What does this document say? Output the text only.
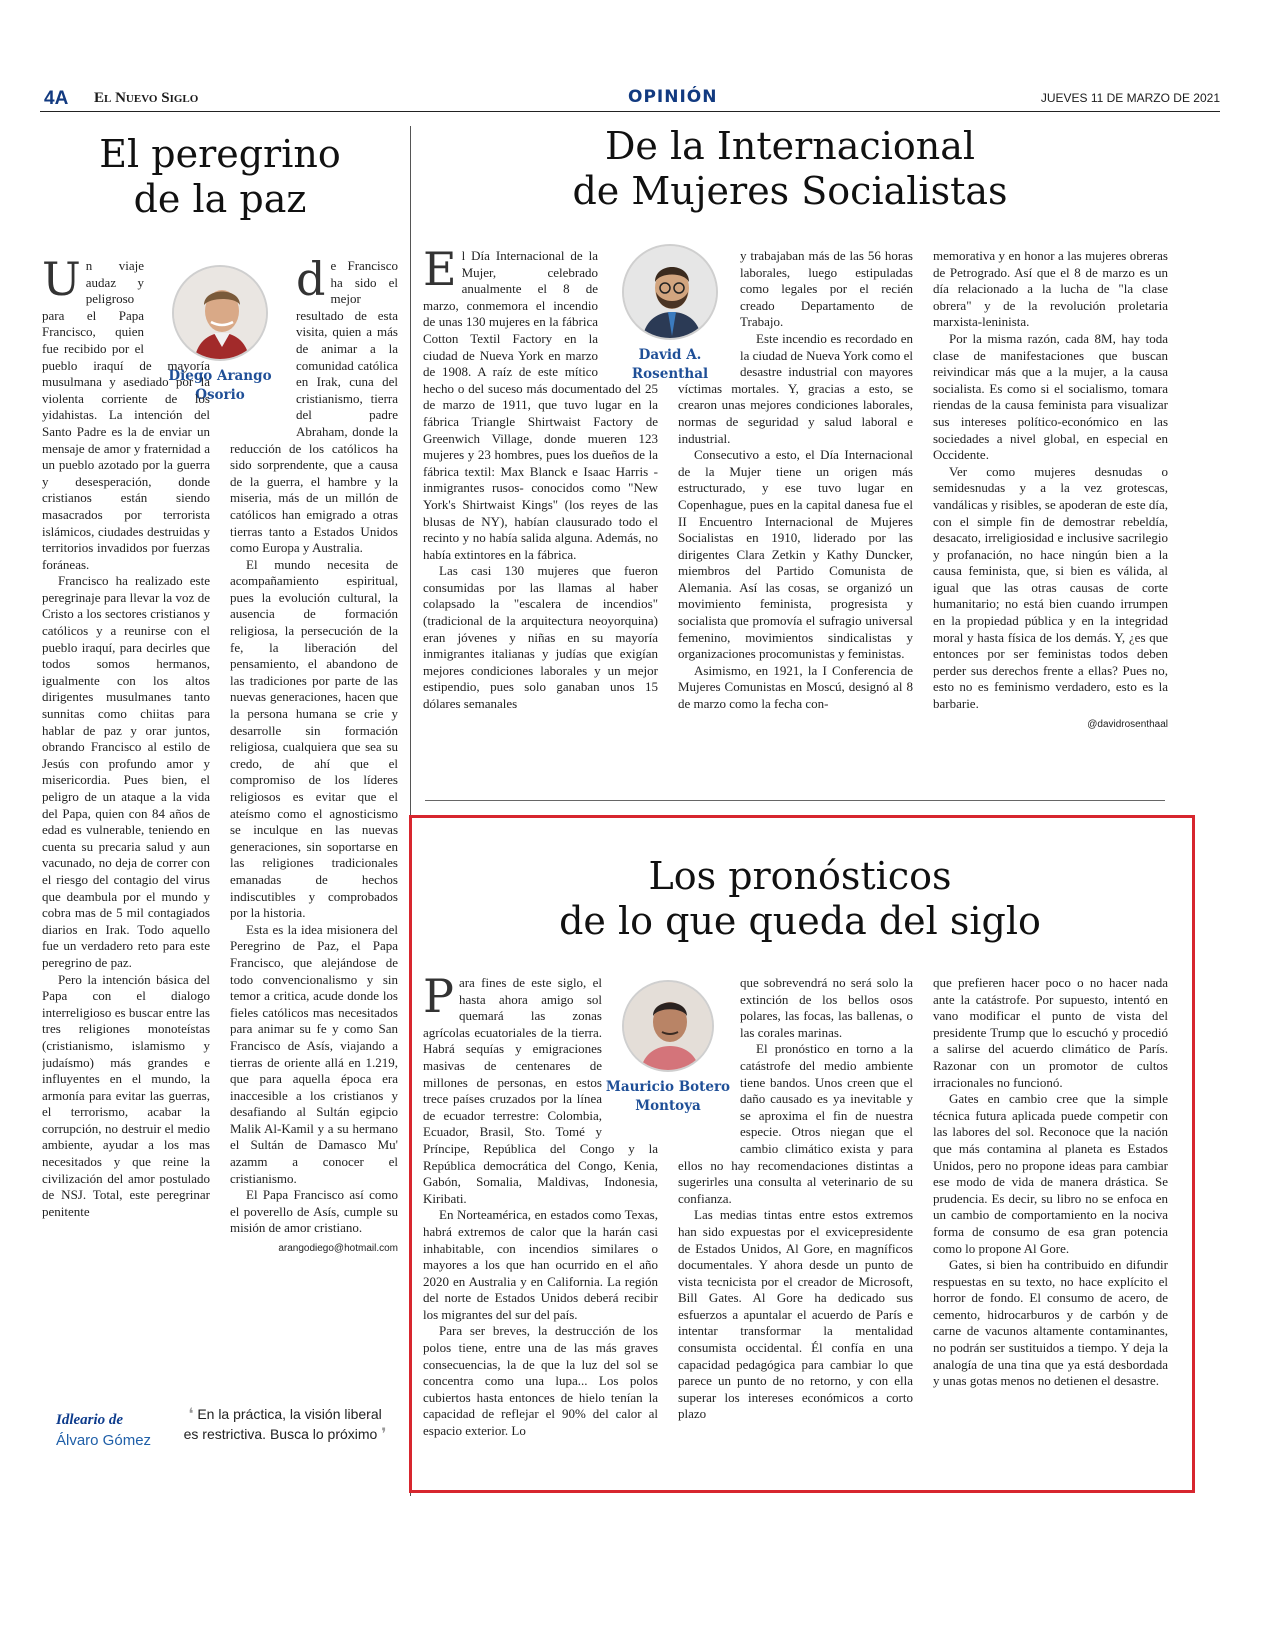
4A El Nuevo Siglo	OPINIÓN	JUEVES 11 DE MARZO DE 2021
El peregrino
de la paz
Diego Arango
Osorio

Un viaje audaz y peligroso para el Papa Francisco, quien fue recibido por el pueblo iraquí de mayoría musulmana y asediado por la violenta corriente de los yidahistas. La intención del Santo Padre es la de enviar un mensaje de amor y fraternidad a un pueblo azotado por la guerra y desesperación, donde cristianos están siendo masacrados por terrorista islámicos, ciudades destruidas y territorios invadidos por fuerzas foráneas.

Francisco ha realizado este peregrinaje para llevar la voz de Cristo a los sectores cristianos y católicos y a reunirse con el pueblo iraquí, para decirles que todos somos hermanos, igualmente con los altos dirigentes musulmanes tanto sunnitas como chiitas para hablar de paz y orar juntos, obrando Francisco al estilo de Jesús con profundo amor y misericordia. Pues bien, el peligro de un ataque a la vida del Papa, quien con 84 años de edad es vulnerable, teniendo en cuenta su precaria salud y aun vacunado, no deja de correr con el riesgo del contagio del virus que deambula por el mundo y cobra mas de 5 mil contagiados diarios en Irak. Todo aquello fue un verdadero reto para este peregrino de paz.

Pero la intención básica del Papa con el dialogo interreligioso es buscar entre las tres religiones monoteístas (cristianismo, islamismo y judaísmo) más grandes e influyentes en el mundo, la armonía para evitar las guerras, el terrorismo, acabar la corrupción, no destruir el medio ambiente, ayudar a los mas necesitados y que reine la civilización del amor postulado de NSJ. Total, este peregrinar penitente

de Francisco ha sido el mejor resultado de esta visita, quien a más de animar a la comunidad católica en Irak, cuna del cristianismo, tierra del padre Abraham, donde la reducción de los católicos ha sido sorprendente, que a causa de la guerra, el hambre y la miseria, más de un millón de católicos han emigrado a otras tierras tanto a Estados Unidos como Europa y Australia.

El mundo necesita de acompañamiento espiritual, pues la evolución cultural, la ausencia de formación religiosa, la persecución de la fe, la liberación del pensamiento, el abandono de las tradiciones por parte de las nuevas generaciones, hacen que la persona humana se crie y desarrolle sin formación religiosa, cualquiera que sea su credo, de ahí que el compromiso de los líderes religiosos es evitar que el ateísmo como el agnosticismo se inculque en las nuevas generaciones, sin soportarse en las religiones tradicionales emanadas de hechos indiscutibles y comprobados por la historia.

Esta es la idea misionera del Peregrino de Paz, el Papa Francisco, que alejándose de todo convencionalismo y sin temor a critica, acude donde los fieles católicos mas necesitados para animar su fe y como San Francisco de Asís, viajando a tierras de oriente allá en 1.219, que para aquella época era inaccesible a los cristianos y desafiando al Sultán egipcio Malik Al-Kamil y a su hermano el Sultán de Damasco Mu' azamm a conocer el cristianismo.

El Papa Francisco así como el poverello de Asís, cumple su misión de amor cristiano.

arangodiego@hotmail.com
Idleario de
Álvaro Gómez
❛ En la práctica, la visión liberal es restrictiva. Busca lo próximo ❜
De la Internacional
de Mujeres Socialistas
David A.
Rosenthal

El Día Internacional de la Mujer, celebrado anualmente el 8 de marzo, conmemora el incendio de unas 130 mujeres en la fábrica Cotton Textil Factory en la ciudad de Nueva York en marzo de 1908. A raíz de este mítico hecho o del suceso más documentado del 25 de marzo de 1911, que tuvo lugar en la fábrica Triangle Shirtwaist Factory de Greenwich Village, donde mueren 123 mujeres y 23 hombres, pues los dueños de la fábrica textil: Max Blanck e Isaac Harris -inmigrantes rusos- conocidos como "New York's Shirtwaist Kings" (los reyes de las blusas de NY), habían clausurado todo el recinto y no había salida alguna. Además, no había extintores en la fábrica.

Las casi 130 mujeres que fueron consumidas por las llamas al haber colapsado la "escalera de incendios" (tradicional de la arquitectura neoyorquina) eran jóvenes y niñas en su mayoría inmigrantes italianas y judías que exigían mejores condiciones laborales y un mejor estipendio, pues solo ganaban unos 15 dólares semanales

y trabajaban más de las 56 horas laborales, luego estipuladas como legales por el recién creado Departamento de Trabajo.

Este incendio es recordado en la ciudad de Nueva York como el desastre industrial con mayores víctimas mortales. Y, gracias a esto, se crearon unas mejores condiciones laborales, normas de seguridad y salud laboral e industrial.

Consecutivo a esto, el Día Internacional de la Mujer tiene un origen más estructurado, y ese tuvo lugar en Copenhague, pues en la capital danesa fue el II Encuentro Internacional de Mujeres Socialistas en 1910, liderado por las dirigentes Clara Zetkin y Kathy Duncker, miembros del Partido Comunista de Alemania. Así las cosas, se organizó un movimiento feminista, progresista y socialista que promovía el sufragio universal femenino, movimientos sindicalistas y organizaciones procomunistas y feministas.

Asimismo, en 1921, la I Conferencia de Mujeres Comunistas en Moscú, designó al 8 de marzo como la fecha con-

memorativa y en honor a las mujeres obreras de Petrogrado. Así que el 8 de marzo es un día relacionado a la lucha de "la clase obrera" y de la revolución proletaria marxista-leninista.

Por la misma razón, cada 8M, hay toda clase de manifestaciones que buscan reivindicar más que a la mujer, a la causa socialista. Es como si el socialismo, tomara riendas de la causa feminista para visualizar sus intereses político-económico en las sociedades a nivel global, en especial en Occidente.

Ver como mujeres desnudas o semidesnudas y a la vez grotescas, vandálicas y risibles, se apoderan de este día, con el simple fin de demostrar rebeldía, desacato, irreligiosidad e inclusive sacrilegio y profanación, no hace ningún bien a la causa feminista, que, si bien es válida, al igual que las otras causas de corte humanitario; no está bien cuando irrumpen en la propiedad pública y en la integridad moral y hasta física de los demás. Y, ¿es que entonces por ser feministas todos deben perder sus derechos frente a ellas? Pues no, esto no es feminismo verdadero, esto es la barbarie.

@davidrosenthaal
Los pronósticos
de lo que queda del siglo
Mauricio Botero
Montoya

Para fines de este siglo, el hasta ahora amigo sol quemará las zonas agrícolas ecuatoriales de la tierra. Habrá sequías y emigraciones masivas de centenares de millones de personas, en estos trece países cruzados por la línea de ecuador terrestre: Colombia, Ecuador, Brasil, Sto. Tomé y Príncipe, República del Congo y la República democrática del Congo, Kenia, Gabón, Somalia, Maldivas, Indonesia, Kiribati.

En Norteamérica, en estados como Texas, habrá extremos de calor que la harán casi inhabitable, con incendios similares o mayores a los que han ocurrido en el año 2020 en Australia y en California. La región del norte de Estados Unidos deberá recibir los migrantes del sur del país.

Para ser breves, la destrucción de los polos tiene, entre una de las más graves consecuencias, la de que la luz del sol se concentra como una lupa... Los polos cubiertos hasta entonces de hielo tenían la capacidad de reflejar el 90% del calor al espacio exterior. Lo

que sobrevendrá no será solo la extinción de los bellos osos polares, las focas, las ballenas, o las corales marinas.

El pronóstico en torno a la catástrofe del medio ambiente tiene bandos. Unos creen que el daño causado es ya inevitable y se aproxima el fin de nuestra especie. Otros niegan que el cambio climático exista y para ellos no hay recomendaciones distintas a sugerirles una consulta al veterinario de su confianza.

Las medias tintas entre estos extremos han sido expuestas por el exvicepresidente de Estados Unidos, Al Gore, en magníficos documentales. Y ahora desde un punto de vista tecnicista por el creador de Microsoft, Bill Gates. Al Gore ha dedicado sus esfuerzos a apuntalar el acuerdo de París e intentar transformar la mentalidad consumista occidental. Él confía en una capacidad pedagógica para cambiar lo que parece un punto de no retorno, y con ella superar los intereses económicos a corto plazo

que prefieren hacer poco o no hacer nada ante la catástrofe. Por supuesto, intentó en vano modificar el punto de vista del presidente Trump que lo escuchó y procedió a salirse del acuerdo climático de París. Razonar con un promotor de cultos irracionales no funcionó.

Gates en cambio cree que la simple técnica futura aplicada puede competir con las labores del sol. Reconoce que la nación que más contamina al planeta es Estados Unidos, pero no propone ideas para cambiar ese modo de vida de manera drástica. Se prudencia. Es decir, su libro no se enfoca en un cambio de comportamiento en la nociva forma de consumo de esa gran potencia como lo propone Al Gore.

Gates, si bien ha contribuido en difundir respuestas en su texto, no hace explícito el horror de fondo. El consumo de acero, de cemento, hidrocarburos y de carbón y de carne de vacunos altamente contaminantes, no podrán ser sustituidos a tiempo. Y deja la analogía de una tina que ya está desbordada y unas gotas menos no detienen el desastre.
